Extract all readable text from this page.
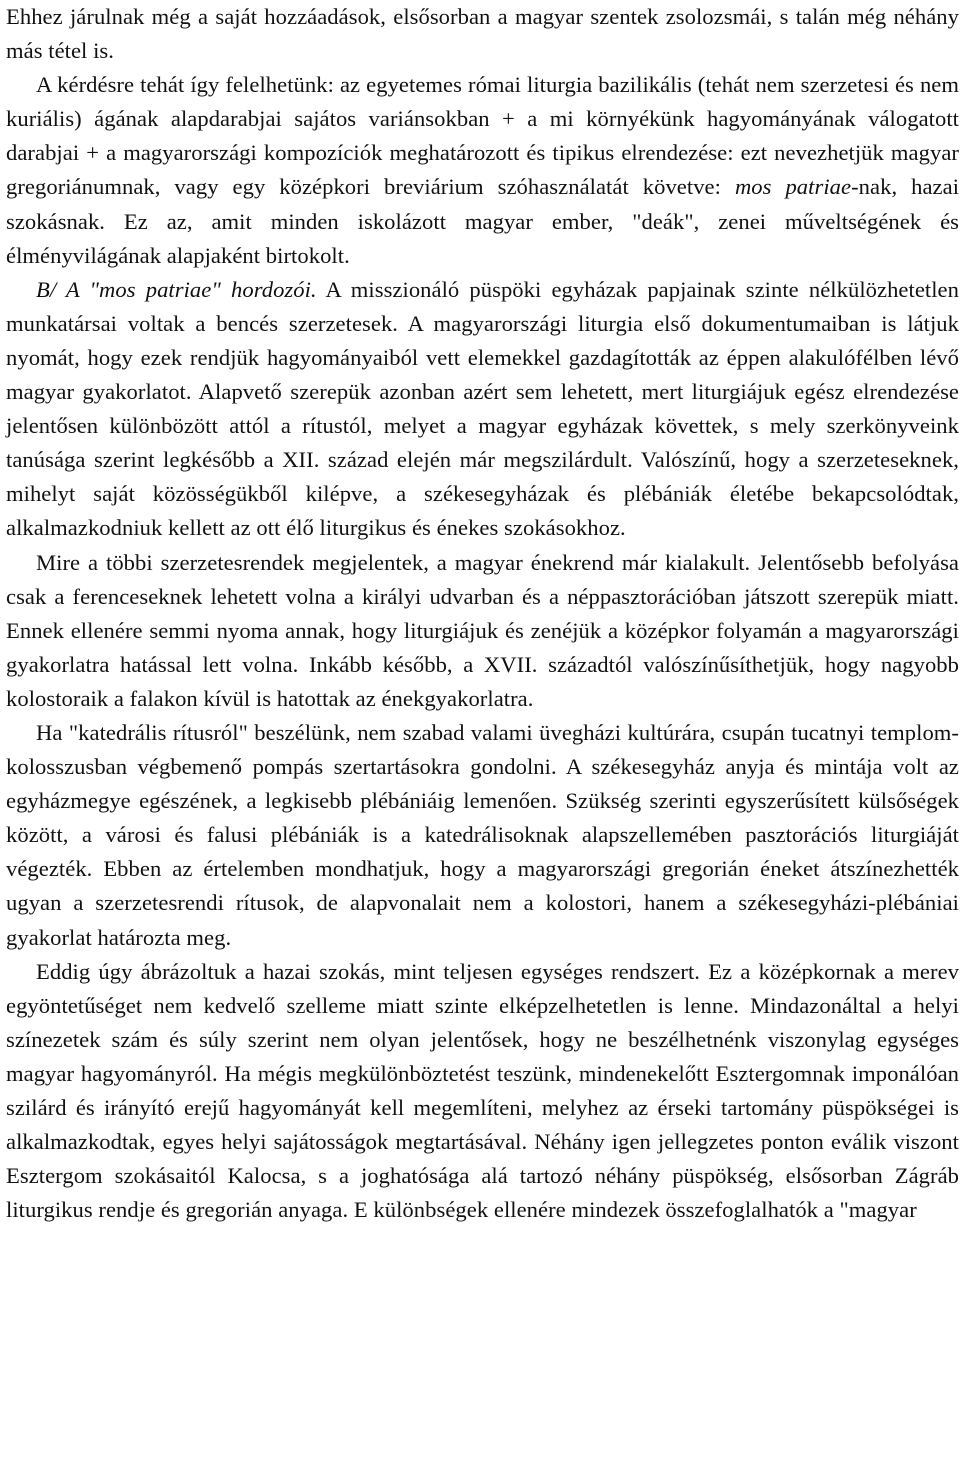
Ehhez járulnak még a saját hozzáadások, elsősorban a magyar szentek zsolozsmái, s talán még néhány más tétel is.

A kérdésre tehát így felelhetünk: az egyetemes római liturgia bazilikális (tehát nem szerzetesi és nem kuriális) ágának alapdarabjai sajátos variánsokban + a mi környékünk hagyományának válogatott darabjai + a magyarországi kompozíciók meghatározott és tipikus elrendezése: ezt nevezhetjük magyar gregoriánumnak, vagy egy középkori breviárium szóhasználatát követve: mos patriae-nak, hazai szokásnak. Ez az, amit minden iskolázott magyar ember, "deák", zenei műveltségének és élményvilágának alapjaként birtokolt.

B/ A "mos patriae" hordozói. A misszionáló püspöki egyházak papjainak szinte nélkülözhetetlen munkatársai voltak a bencés szerzetesek. A magyarországi liturgia első dokumentumaiban is látjuk nyomát, hogy ezek rendjük hagyományaiból vett elemekkel gazdagították az éppen alakulófélben lévő magyar gyakorlatot. Alapvető szerepük azonban azért sem lehetett, mert liturgiájuk egész elrendezése jelentősen különbözött attól a rítustól, melyet a magyar egyházak követtek, s mely szerkönyveink tanúsága szerint legkésőbb a XII. század elején már megszilárdult. Valószínű, hogy a szerzeteseknek, mihelyt saját közösségükből kilépve, a székesegyházak és plébániák életébe bekapcsolódtak, alkalmazkodniuk kellett az ott élő liturgikus és énekes szokásokhoz.

Mire a többi szerzetesrendek megjelentek, a magyar énekrend már kialakult. Jelentősebb befolyása csak a ferenceseknek lehetett volna a királyi udvarban és a néppasztorációban játszott szerepük miatt. Ennek ellenére semmi nyoma annak, hogy liturgiájuk és zenéjük a középkor folyamán a magyarországi gyakorlatra hatással lett volna. Inkább később, a XVII. századtól valószínűsíthetjük, hogy nagyobb kolostoraik a falakon kívül is hatottak az énekgyakorlatra.

Ha "katedrális rítusról" beszélünk, nem szabad valami üvegházi kultúrára, csupán tucatnyi templom-kolosszusban végbemenő pompás szertartásokra gondolni. A székesegyház anyja és mintája volt az egyházmegye egészének, a legkisebb plébániáig lemenően. Szükség szerinti egyszerűsített külsőségek között, a városi és falusi plébániák is a katedrálisoknak alapszellemében pasztorációs liturgiáját végezték. Ebben az értelemben mondhatjuk, hogy a magyarországi gregorián éneket átszínezhették ugyan a szerzetesrendi rítusok, de alapvonalait nem a kolostori, hanem a székesegyházi-plébániai gyakorlat határozta meg.

Eddig úgy ábrázoltuk a hazai szokás, mint teljesen egységes rendszert. Ez a középkornak a merev egyöntetűséget nem kedvelő szelleme miatt szinte elképzelhetetlen is lenne. Mindazonáltal a helyi színezetek szám és súly szerint nem olyan jelentősek, hogy ne beszélhetnénk viszonylag egységes magyar hagyományról. Ha mégis megkülönböztetést teszünk, mindenekelőtt Esztergomnak imponálóan szilárd és irányító erejű hagyományát kell megemlíteni, melyhez az érseki tartomány püspökségei is alkalmazkodtak, egyes helyi sajátosságok megtartásával. Néhány igen jellegzetes ponton eválik viszont Esztergom szokásaitól Kalocsa, s a joghatósága alá tartozó néhány püspökség, elsősorban Zágráb liturgikus rendje és gregorián anyaga. E különbségek ellenére mindezek összefoglalhatók a "magyar
